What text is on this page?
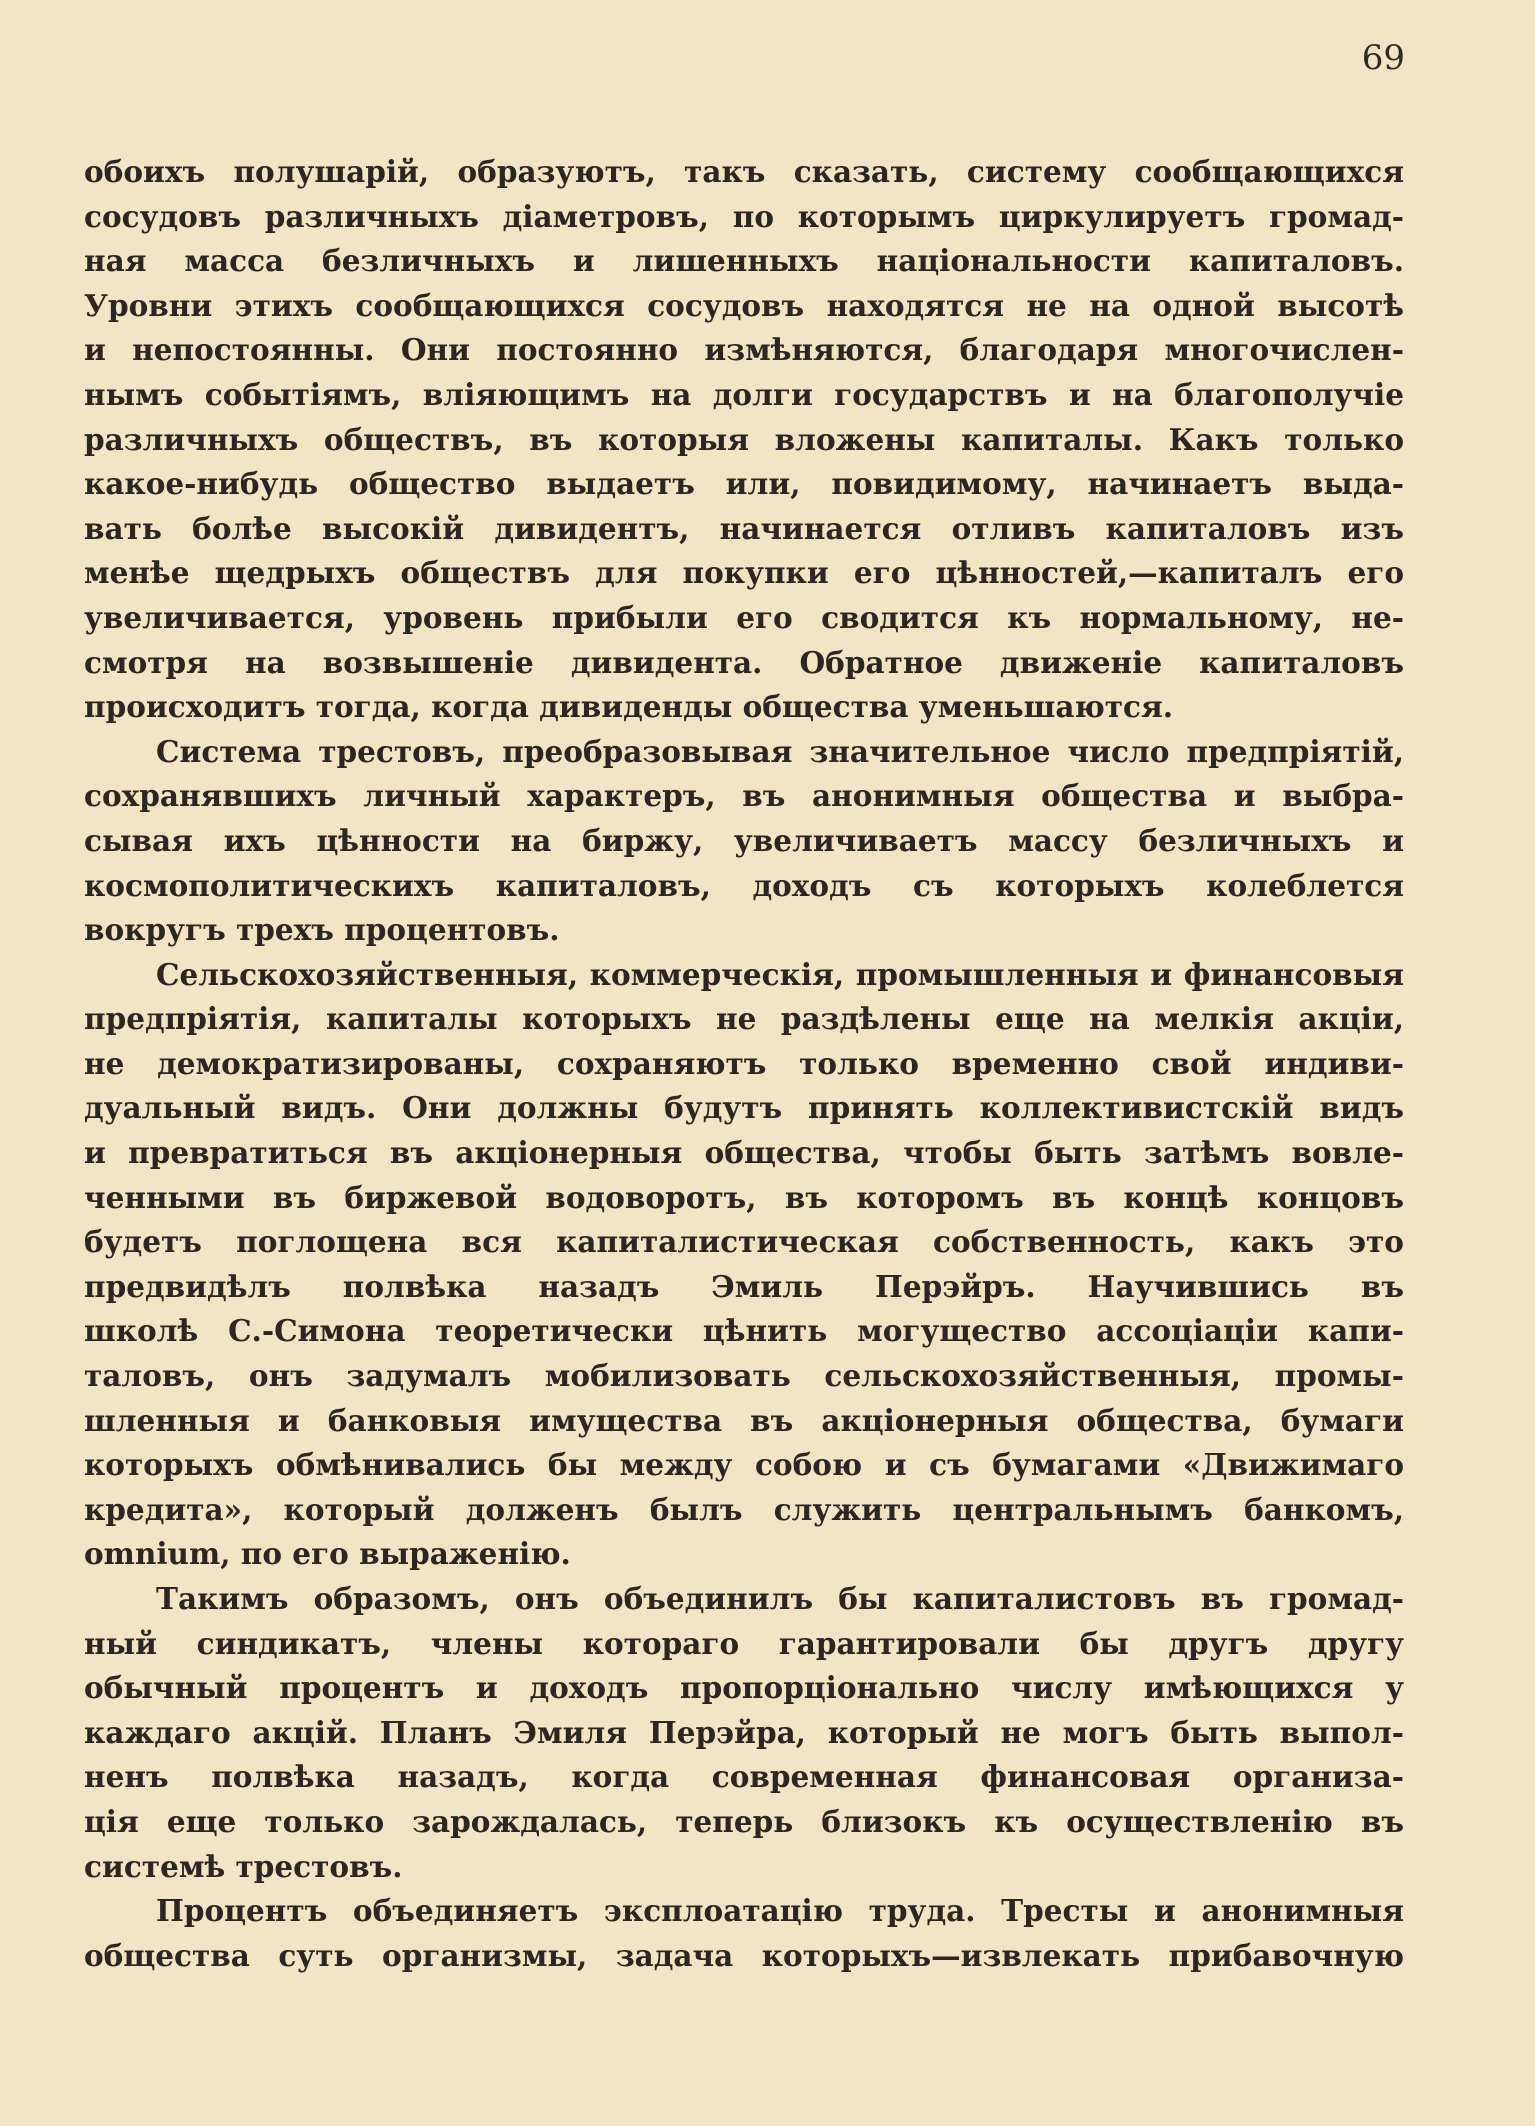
69
обоихъ полушарій, образуютъ, такъ сказать, систему сообщающихся
сосудовъ различныхъ діаметровъ, по которымъ циркулируетъ громад-
ная масса безличныхъ и лишенныхъ національности капиталовъ.
Уровни этихъ сообщающихся сосудовъ находятся не на одной высотѣ
и непостоянны. Они постоянно измѣняются, благодаря многочислен-
нымъ событіямъ, вліяющимъ на долги государствъ и на благополучіе
различныхъ обществъ, въ которыя вложены капиталы. Какъ только
какое-нибудь общество выдаетъ или, повидимому, начинаетъ выда-
вать болѣе высокій дивидентъ, начинается отливъ капиталовъ изъ
менѣе щедрыхъ обществъ для покупки его цѣнностей,—капиталъ его
увеличивается, уровень прибыли его сводится къ нормальному, не-
смотря на возвышеніе дивидента. Обратное движеніе капиталовъ
происходитъ тогда, когда дивиденды общества уменьшаются.
Система трестовъ, преобразовывая значительное число предпріятій,
сохранявшихъ личный характеръ, въ анонимныя общества и выбра-
сывая ихъ цѣнности на биржу, увеличиваетъ массу безличныхъ и
космополитическихъ капиталовъ, доходъ съ которыхъ колеблется
вокругъ трехъ процентовъ.
Сельскохозяйственныя, коммерческія, промышленныя и финансовыя
предпріятія, капиталы которыхъ не раздѣлены еще на мелкія акціи,
не демократизированы, сохраняютъ только временно свой индиви-
дуальный видъ. Они должны будутъ принять коллективистскій видъ
и превратиться въ акціонерныя общества, чтобы быть затѣмъ вовле-
ченными въ биржевой водоворотъ, въ которомъ въ концѣ концовъ
будетъ поглощена вся капиталистическая собственность, какъ это
предвидѣлъ полвѣка назадъ Эмиль Перэйръ. Научившись въ
школѣ С.-Симона теоретически цѣнить могущество ассоціаціи капи-
таловъ, онъ задумалъ мобилизовать сельскохозяйственныя, промы-
шленныя и банковыя имущества въ акціонерныя общества, бумаги
которыхъ обмѣнивались бы между собою и съ бумагами «Движимаго
кредита», который долженъ былъ служить центральнымъ банкомъ,
omnium, по его выраженію.
Такимъ образомъ, онъ объединилъ бы капиталистовъ въ громад-
ный синдикатъ, члены котораго гарантировали бы другъ другу
обычный процентъ и доходъ пропорціонально числу имѣющихся у
каждаго акцій. Планъ Эмиля Перэйра, который не могъ быть выпол-
ненъ полвѣка назадъ, когда современная финансовая организа-
ція еще только зарождалась, теперь близокъ къ осуществленію въ
системѣ трестовъ.
Процентъ объединяетъ эксплоатацію труда. Тресты и анонимныя
общества суть организмы, задача которыхъ—извлекать прибавочную
